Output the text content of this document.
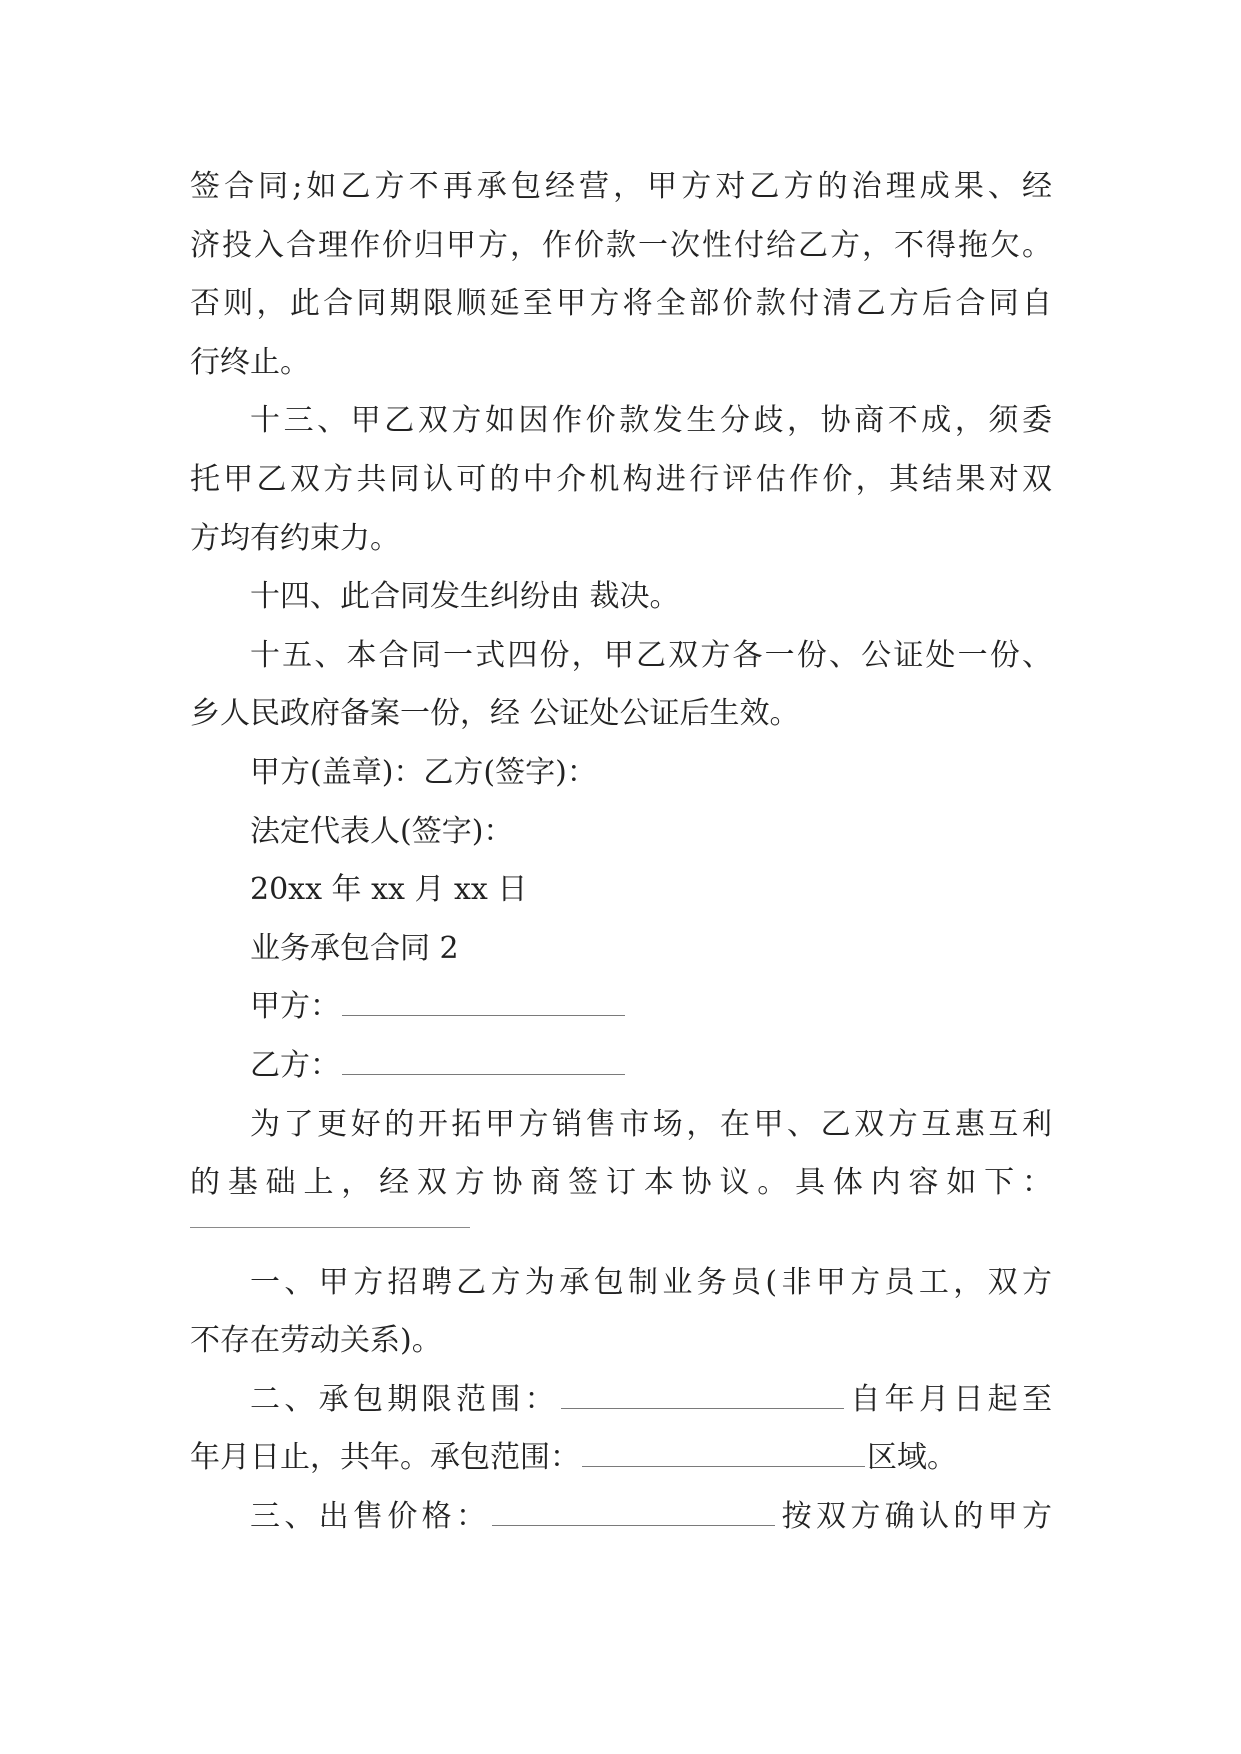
签合同;如乙方不再承包经营，甲方对乙方的治理成果、经

济投入合理作价归甲方，作价款一次性付给乙方，不得拖欠。

否则，此合同期限顺延至甲方将全部价款付清乙方后合同自

行终止。

十三、甲乙双方如因作价款发生分歧，协商不成，须委

托甲乙双方共同认可的中介机构进行评估作价，其结果对双

方均有约束力。

十四、此合同发生纠纷由 裁决。

十五、本合同一式四份，甲乙双方各一份、公证处一份、

乡人民政府备案一份，经 公证处公证后生效。

甲方(盖章)：乙方(签字)：

法定代表人(签字)：

20xx 年 xx 月 xx 日

业务承包合同 2

甲方：

乙方：

为了更好的开拓甲方销售市场，在甲、乙双方互惠互利

的基础上，经双方协商签订本协议。具体内容如下：

一、甲方招聘乙方为承包制业务员(非甲方员工，双方

不存在劳动关系)。

二、承包期限范围：	自年月日起至

年月日止，共年。承包范围：	区域。

三、出售价格：	按双方确认的甲方
